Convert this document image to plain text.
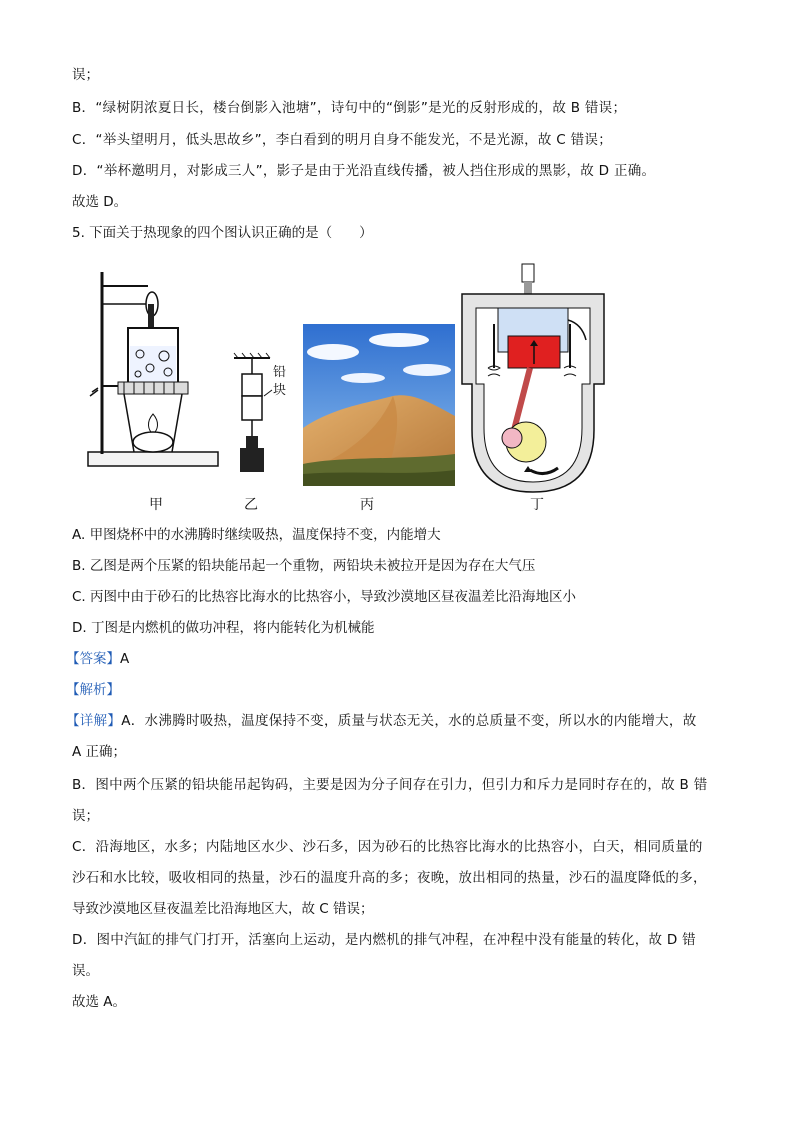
误；
B．“绿树阴浓夏日长，楼台倒影入池塘”，诗句中的“倒影”是光的反射形成的，故 B 错误；
C．“举头望明月，低头思故乡”，李白看到的明月自身不能发光，不是光源，故 C 错误；
D．“举杯邀明月，对影成三人”，影子是由于光沿直线传播，被人挡住形成的黑影，故 D 正确。
故选 D。
5. 下面关于热现象的四个图认识正确的是（　　）
甲
铅块
乙	丙	丁
A. 甲图烧杯中的水沸腾时继续吸热，温度保持不变，内能增大
B. 乙图是两个压紧的铅块能吊起一个重物，两铅块未被拉开是因为存在大气压
C. 丙图中由于砂石的比热容比海水的比热容小，导致沙漠地区昼夜温差比沿海地区小
D. 丁图是内燃机的做功冲程，将内能转化为机械能
【答案】A
【解析】
【详解】A．水沸腾时吸热，温度保持不变，质量与状态无关，水的总质量不变，所以水的内能增大，故
A 正确；
B．图中两个压紧的铅块能吊起钩码，主要是因为分子间存在引力，但引力和斥力是同时存在的，故 B 错
误；
C．沿海地区，水多；内陆地区水少、沙石多，因为砂石的比热容比海水的比热容小，白天，相同质量的
沙石和水比较，吸收相同的热量，沙石的温度升高的多；夜晚，放出相同的热量，沙石的温度降低的多，
导致沙漠地区昼夜温差比沿海地区大，故 C 错误；
D．图中汽缸的排气门打开，活塞向上运动，是内燃机的排气冲程，在冲程中没有能量的转化，故 D 错
误。
故选 A。
